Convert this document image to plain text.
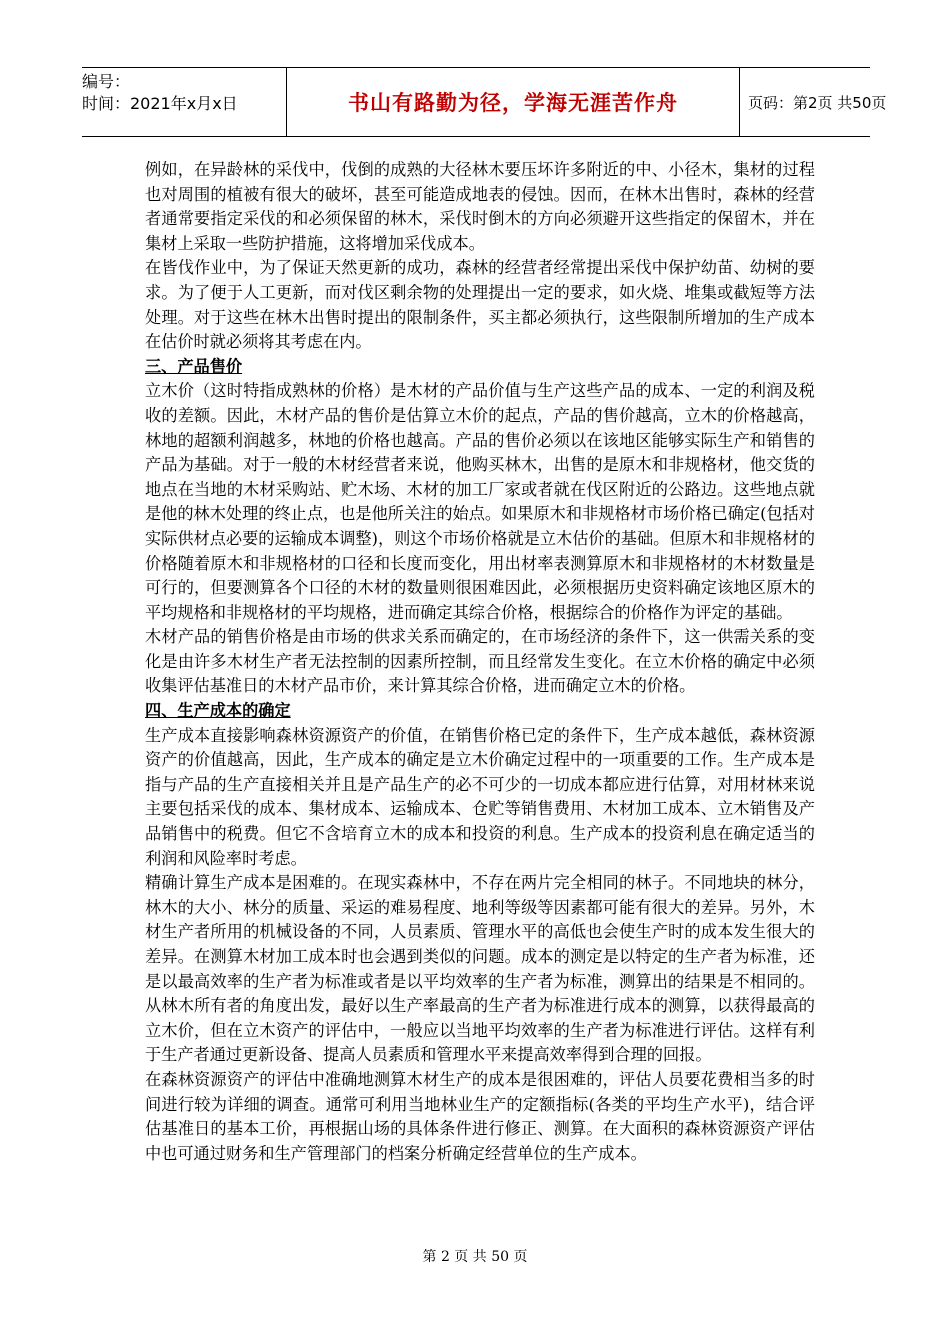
编号：
时间：2021年x月x日	书山有路勤为径，学海无涯苦作舟	页码：第2页 共50页

例如，在异龄林的采伐中，伐倒的成熟的大径林木要压坏许多附近的中、小径木，集材的过程也对周围的植被有很大的破坏，甚至可能造成地表的侵蚀。因而，在林木出售时，森林的经营者通常要指定采伐的和必须保留的林木，采伐时倒木的方向必须避开这些指定的保留木，并在集材上采取一些防护措施，这将增加采伐成本。

在皆伐作业中，为了保证天然更新的成功，森林的经营者经常提出采伐中保护幼苗、幼树的要求。为了便于人工更新，而对伐区剩余物的处理提出一定的要求，如火烧、堆集或截短等方法处理。对于这些在林木出售时提出的限制条件，买主都必须执行，这些限制所增加的生产成本在估价时就必须将其考虑在内。

三、产品售价

立木价（这时特指成熟林的价格）是木材的产品价值与生产这些产品的成本、一定的利润及税收的差额。因此，木材产品的售价是估算立木价的起点，产品的售价越高，立木的价格越高，林地的超额利润越多，林地的价格也越高。产品的售价必须以在该地区能够实际生产和销售的产品为基础。对于一般的木材经营者来说，他购买林木，出售的是原木和非规格材，他交货的地点在当地的木材采购站、贮木场、木材的加工厂家或者就在伐区附近的公路边。这些地点就是他的林木处理的终止点，也是他所关注的始点。如果原木和非规格材市场价格已确定(包括对实际供材点必要的运输成本调整)，则这个市场价格就是立木估价的基础。但原木和非规格材的价格随着原木和非规格材的口径和长度而变化，用出材率表测算原木和非规格材的木材数量是可行的，但要测算各个口径的木材的数量则很困难因此，必须根据历史资料确定该地区原木的平均规格和非规格材的平均规格，进而确定其综合价格，根据综合的价格作为评定的基础。

木材产品的销售价格是由市场的供求关系而确定的，在市场经济的条件下，这一供需关系的变化是由许多木材生产者无法控制的因素所控制，而且经常发生变化。在立木价格的确定中必须收集评估基准日的木材产品市价，来计算其综合价格，进而确定立木的价格。

四、生产成本的确定

生产成本直接影响森林资源资产的价值，在销售价格已定的条件下，生产成本越低，森林资源资产的价值越高，因此，生产成本的确定是立木价确定过程中的一项重要的工作。生产成本是指与产品的生产直接相关并且是产品生产的必不可少的一切成本都应进行估算，对用材林来说主要包括采伐的成本、集材成本、运输成本、仓贮等销售费用、木材加工成本、立木销售及产品销售中的税费。但它不含培育立木的成本和投资的利息。生产成本的投资利息在确定适当的利润和风险率时考虑。

精确计算生产成本是困难的。在现实森林中，不存在两片完全相同的林子。不同地块的林分，林木的大小、林分的质量、采运的难易程度、地利等级等因素都可能有很大的差异。另外，木材生产者所用的机械设备的不同，人员素质、管理水平的高低也会使生产时的成本发生很大的差异。在测算木材加工成本时也会遇到类似的问题。成本的测定是以特定的生产者为标准，还是以最高效率的生产者为标准或者是以平均效率的生产者为标准，测算出的结果是不相同的。从林木所有者的角度出发，最好以生产率最高的生产者为标准进行成本的测算，以获得最高的立木价，但在立木资产的评估中，一般应以当地平均效率的生产者为标准进行评估。这样有利于生产者通过更新设备、提高人员素质和管理水平来提高效率得到合理的回报。

在森林资源资产的评估中准确地测算木材生产的成本是很困难的，评估人员要花费相当多的时间进行较为详细的调查。通常可利用当地林业生产的定额指标(各类的平均生产水平)，结合评估基准日的基本工价，再根据山场的具体条件进行修正、测算。在大面积的森林资源资产评估中也可通过财务和生产管理部门的档案分析确定经营单位的生产成本。

第 2 页 共 50 页
